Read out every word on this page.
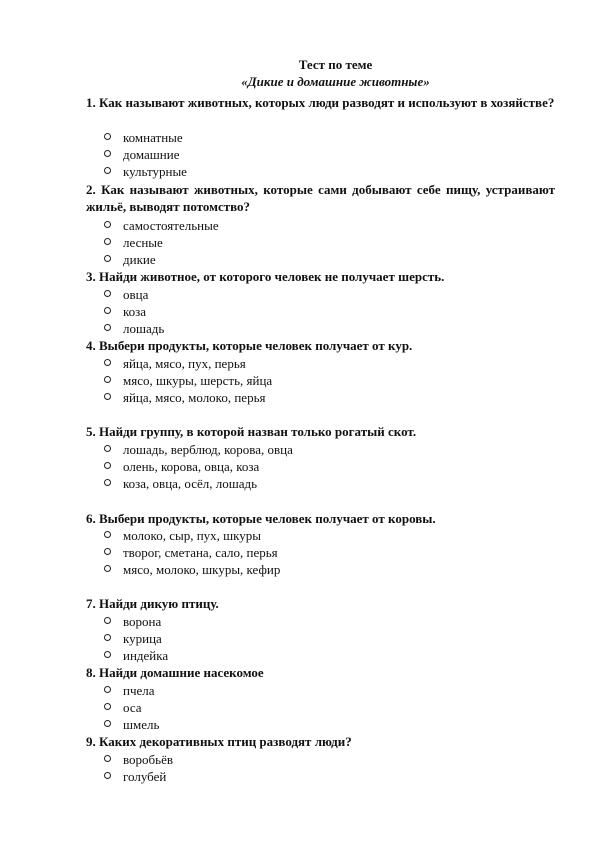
Тест по теме
«Дикие и домашние животные»
1. Как называют животных, которых люди разводят и используют в хозяйстве?
комнатные
домашние
культурные
2. Как называют животных, которые сами добывают себе пищу, устраивают жильё, выводят потомство?
самостоятельные
лесные
дикие
3. Найди животное, от которого человек не получает шерсть.
овца
коза
лошадь
4. Выбери продукты, которые человек получает от кур.
яйца, мясо, пух, перья
мясо, шкуры, шерсть, яйца
яйца, мясо, молоко, перья
5. Найди группу, в которой назван только рогатый скот.
лошадь, верблюд, корова, овца
олень, корова, овца, коза
коза, овца, осёл, лошадь
6. Выбери продукты, которые человек получает от коровы.
молоко, сыр, пух, шкуры
творог, сметана, сало, перья
мясо, молоко, шкуры, кефир
7. Найди дикую птицу.
ворона
курица
индейка
8. Найди домашние насекомое
пчела
оса
шмель
9. Каких декоративных птиц разводят люди?
воробьёв
голубей
